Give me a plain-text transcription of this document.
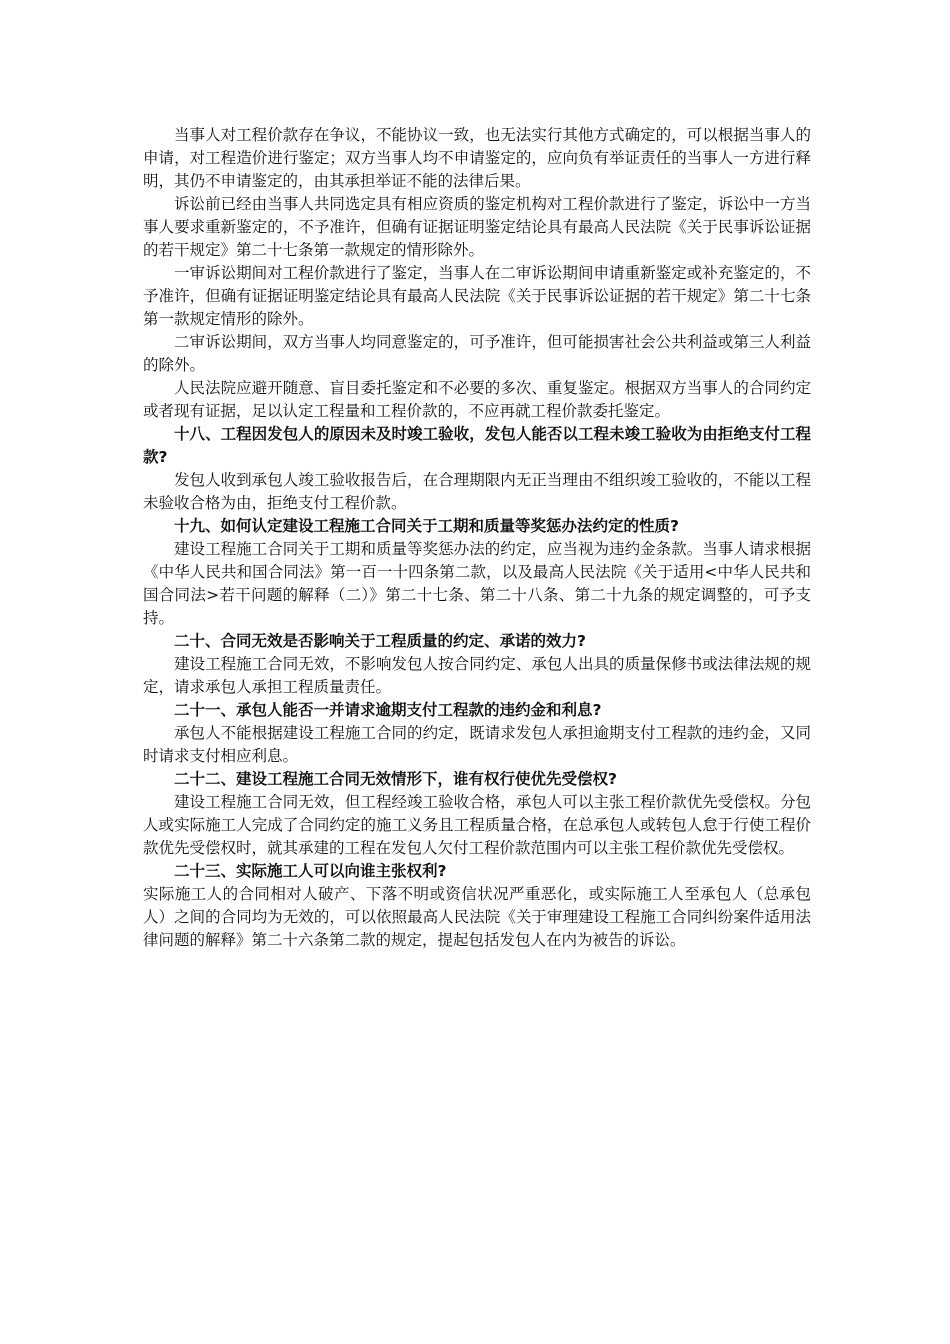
当事人对工程价款存在争议，不能协议一致，也无法实行其他方式确定的，可以根据当事人的申请，对工程造价进行鉴定；双方当事人均不申请鉴定的，应向负有举证责任的当事人一方进行释明，其仍不申请鉴定的，由其承担举证不能的法律后果。

诉讼前已经由当事人共同选定具有相应资质的鉴定机构对工程价款进行了鉴定，诉讼中一方当事人要求重新鉴定的，不予准许，但确有证据证明鉴定结论具有最高人民法院《关于民事诉讼证据的若干规定》第二十七条第一款规定的情形除外。

一审诉讼期间对工程价款进行了鉴定，当事人在二审诉讼期间申请重新鉴定或补充鉴定的，不予准许，但确有证据证明鉴定结论具有最高人民法院《关于民事诉讼证据的若干规定》第二十七条第一款规定情形的除外。

二审诉讼期间，双方当事人均同意鉴定的，可予准许，但可能损害社会公共利益或第三人利益的除外。

人民法院应避开随意、盲目委托鉴定和不必要的多次、重复鉴定。根据双方当事人的合同约定或者现有证据，足以认定工程量和工程价款的，不应再就工程价款委托鉴定。

十八、工程因发包人的原因未及时竣工验收，发包人能否以工程未竣工验收为由拒绝支付工程款?

发包人收到承包人竣工验收报告后，在合理期限内无正当理由不组织竣工验收的，不能以工程未验收合格为由，拒绝支付工程价款。

十九、如何认定建设工程施工合同关于工期和质量等奖惩办法约定的性质?

建设工程施工合同关于工期和质量等奖惩办法的约定，应当视为违约金条款。当事人请求根据《中华人民共和国合同法》第一百一十四条第二款，以及最高人民法院《关于适用<中华人民共和国合同法>若干问题的解释（二）》第二十七条、第二十八条、第二十九条的规定调整的，可予支持。

二十、合同无效是否影响关于工程质量的约定、承诺的效力?

建设工程施工合同无效，不影响发包人按合同约定、承包人出具的质量保修书或法律法规的规定，请求承包人承担工程质量责任。

二十一、承包人能否一并请求逾期支付工程款的违约金和利息?

承包人不能根据建设工程施工合同的约定，既请求发包人承担逾期支付工程款的违约金，又同时请求支付相应利息。

二十二、建设工程施工合同无效情形下，谁有权行使优先受偿权?

建设工程施工合同无效，但工程经竣工验收合格，承包人可以主张工程价款优先受偿权。分包人或实际施工人完成了合同约定的施工义务且工程质量合格，在总承包人或转包人怠于行使工程价款优先受偿权时，就其承建的工程在发包人欠付工程价款范围内可以主张工程价款优先受偿权。

二十三、实际施工人可以向谁主张权利?

实际施工人的合同相对人破产、下落不明或资信状况严重恶化，或实际施工人至承包人（总承包人）之间的合同均为无效的，可以依照最高人民法院《关于审理建设工程施工合同纠纷案件适用法律问题的解释》第二十六条第二款的规定，提起包括发包人在内为被告的诉讼。
